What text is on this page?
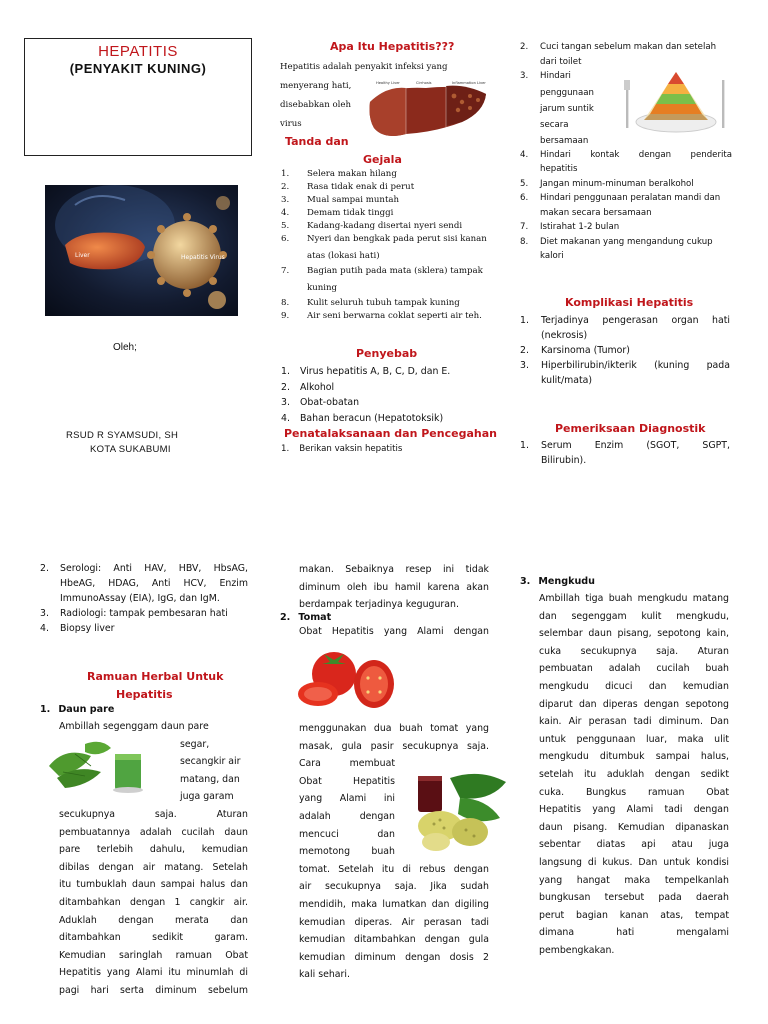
HEPATITIS
(PENYAKIT KUNING)
Liver	Hepatitis Virus
Oleh;
RSUD R SYAMSUDI, SH
KOTA SUKABUMI
Apa Itu Hepatitis???
Hepatitis adalah penyakit infeksi yang
menyerang hati,
disebabkan oleh
virus
Healthy Liver	Cirrhosis	Inflammation Liver
Tanda dan
Gejala
1. Selera makan hilang
2. Rasa tidak enak di perut
3. Mual sampai muntah
4. Demam tidak tinggi
5. Kadang-kadang disertai nyeri sendi
6. Nyeri dan bengkak pada perut sisi kanan
atas (lokasi hati)
7. Bagian putih pada mata (sklera) tampak
kuning
8. Kulit seluruh tubuh tampak kuning
9. Air seni berwarna coklat seperti air teh.
Penyebab
1. Virus hepatitis A, B, C, D, dan E.
2. Alkohol
3. Obat-obatan
4. Bahan beracun (Hepatotoksik)
Penatalaksanaan dan Pencegahan
1. Berikan vaksin hepatitis
2. Cuci tangan sebelum makan dan setelah
dari toilet
3. Hindari
penggunaan
jarum suntik
secara
bersamaan
4. Hindari kontak dengan penderita
hepatitis
5. Jangan minum-minuman beralkohol
6. Hindari penggunaan peralatan mandi dan
makan secara bersamaan
7. Istirahat 1-2 bulan
8. Diet makanan yang mengandung cukup
kalori
Komplikasi Hepatitis
1. Terjadinya pengerasan organ hati
(nekrosis)
2. Karsinoma (Tumor)
3. Hiperbilirubin/ikterik (kuning pada
kulit/mata)
Pemeriksaan Diagnostik
1. Serum Enzim (SGOT, SGPT,
Bilirubin).
2. Serologi: Anti HAV, HBV, HbsAG,
HbeAG, HDAG, Anti HCV, Enzim
ImmunoAssay (EIA), IgG, dan IgM.
3. Radiologi: tampak pembesaran hati
4. Biopsy liver
Ramuan Herbal Untuk
Hepatitis
1. Daun pare
Ambillah segenggam daun pare
segar,
secangkir air
matang, dan
juga garam
secukupnya saja. Aturan
pembuatannya adalah cucilah daun
pare terlebih dahulu, kemudian
dibilas dengan air matang. Setelah
itu tumbuklah daun sampai halus dan
ditambahkan dengan 1 cangkir air.
Aduklah dengan merata dan
ditambahkan sedikit garam.
Kemudian saringlah ramuan Obat
Hepatitis yang Alami itu minumlah di
pagi hari serta diminum sebelum
makan. Sebaiknya resep ini tidak
diminum oleh ibu hamil karena akan
berdampak terjadinya keguguran.
2. Tomat
Obat Hepatitis yang Alami dengan
menggunakan dua buah tomat yang
masak, gula pasir secukupnya saja.
Cara membuat
Obat Hepatitis
yang Alami ini
adalah dengan
mencuci dan
memotong buah
tomat. Setelah itu di rebus dengan
air secukupnya saja. Jika sudah
mendidih, maka lumatkan dan digiling
kemudian diperas. Air perasan tadi
kemudian ditambahkan dengan gula
kemudian diminum dengan dosis 2
kali sehari.
3. Mengkudu
Ambillah tiga buah mengkudu matang
dan segenggam kulit mengkudu,
selembar daun pisang, sepotong kain,
cuka secukupnya saja. Aturan
pembuatan adalah cucilah buah
mengkudu dicuci dan kemudian
diparut dan diperas dengan sepotong
kain. Air perasan tadi diminum. Dan
untuk penggunaan luar, maka ulit
mengkudu ditumbuk sampai halus,
setelah itu aduklah dengan sedikt
cuka. Bungkus ramuan Obat
Hepatitis yang Alami tadi dengan
daun pisang. Kemudian dipanaskan
sebentar diatas api atau juga
langsung di kukus. Dan untuk kondisi
yang hangat maka tempelkanlah
bungkusan tersebut pada daerah
perut bagian kanan atas, tempat
dimana hati mengalami
pembengkakan.
